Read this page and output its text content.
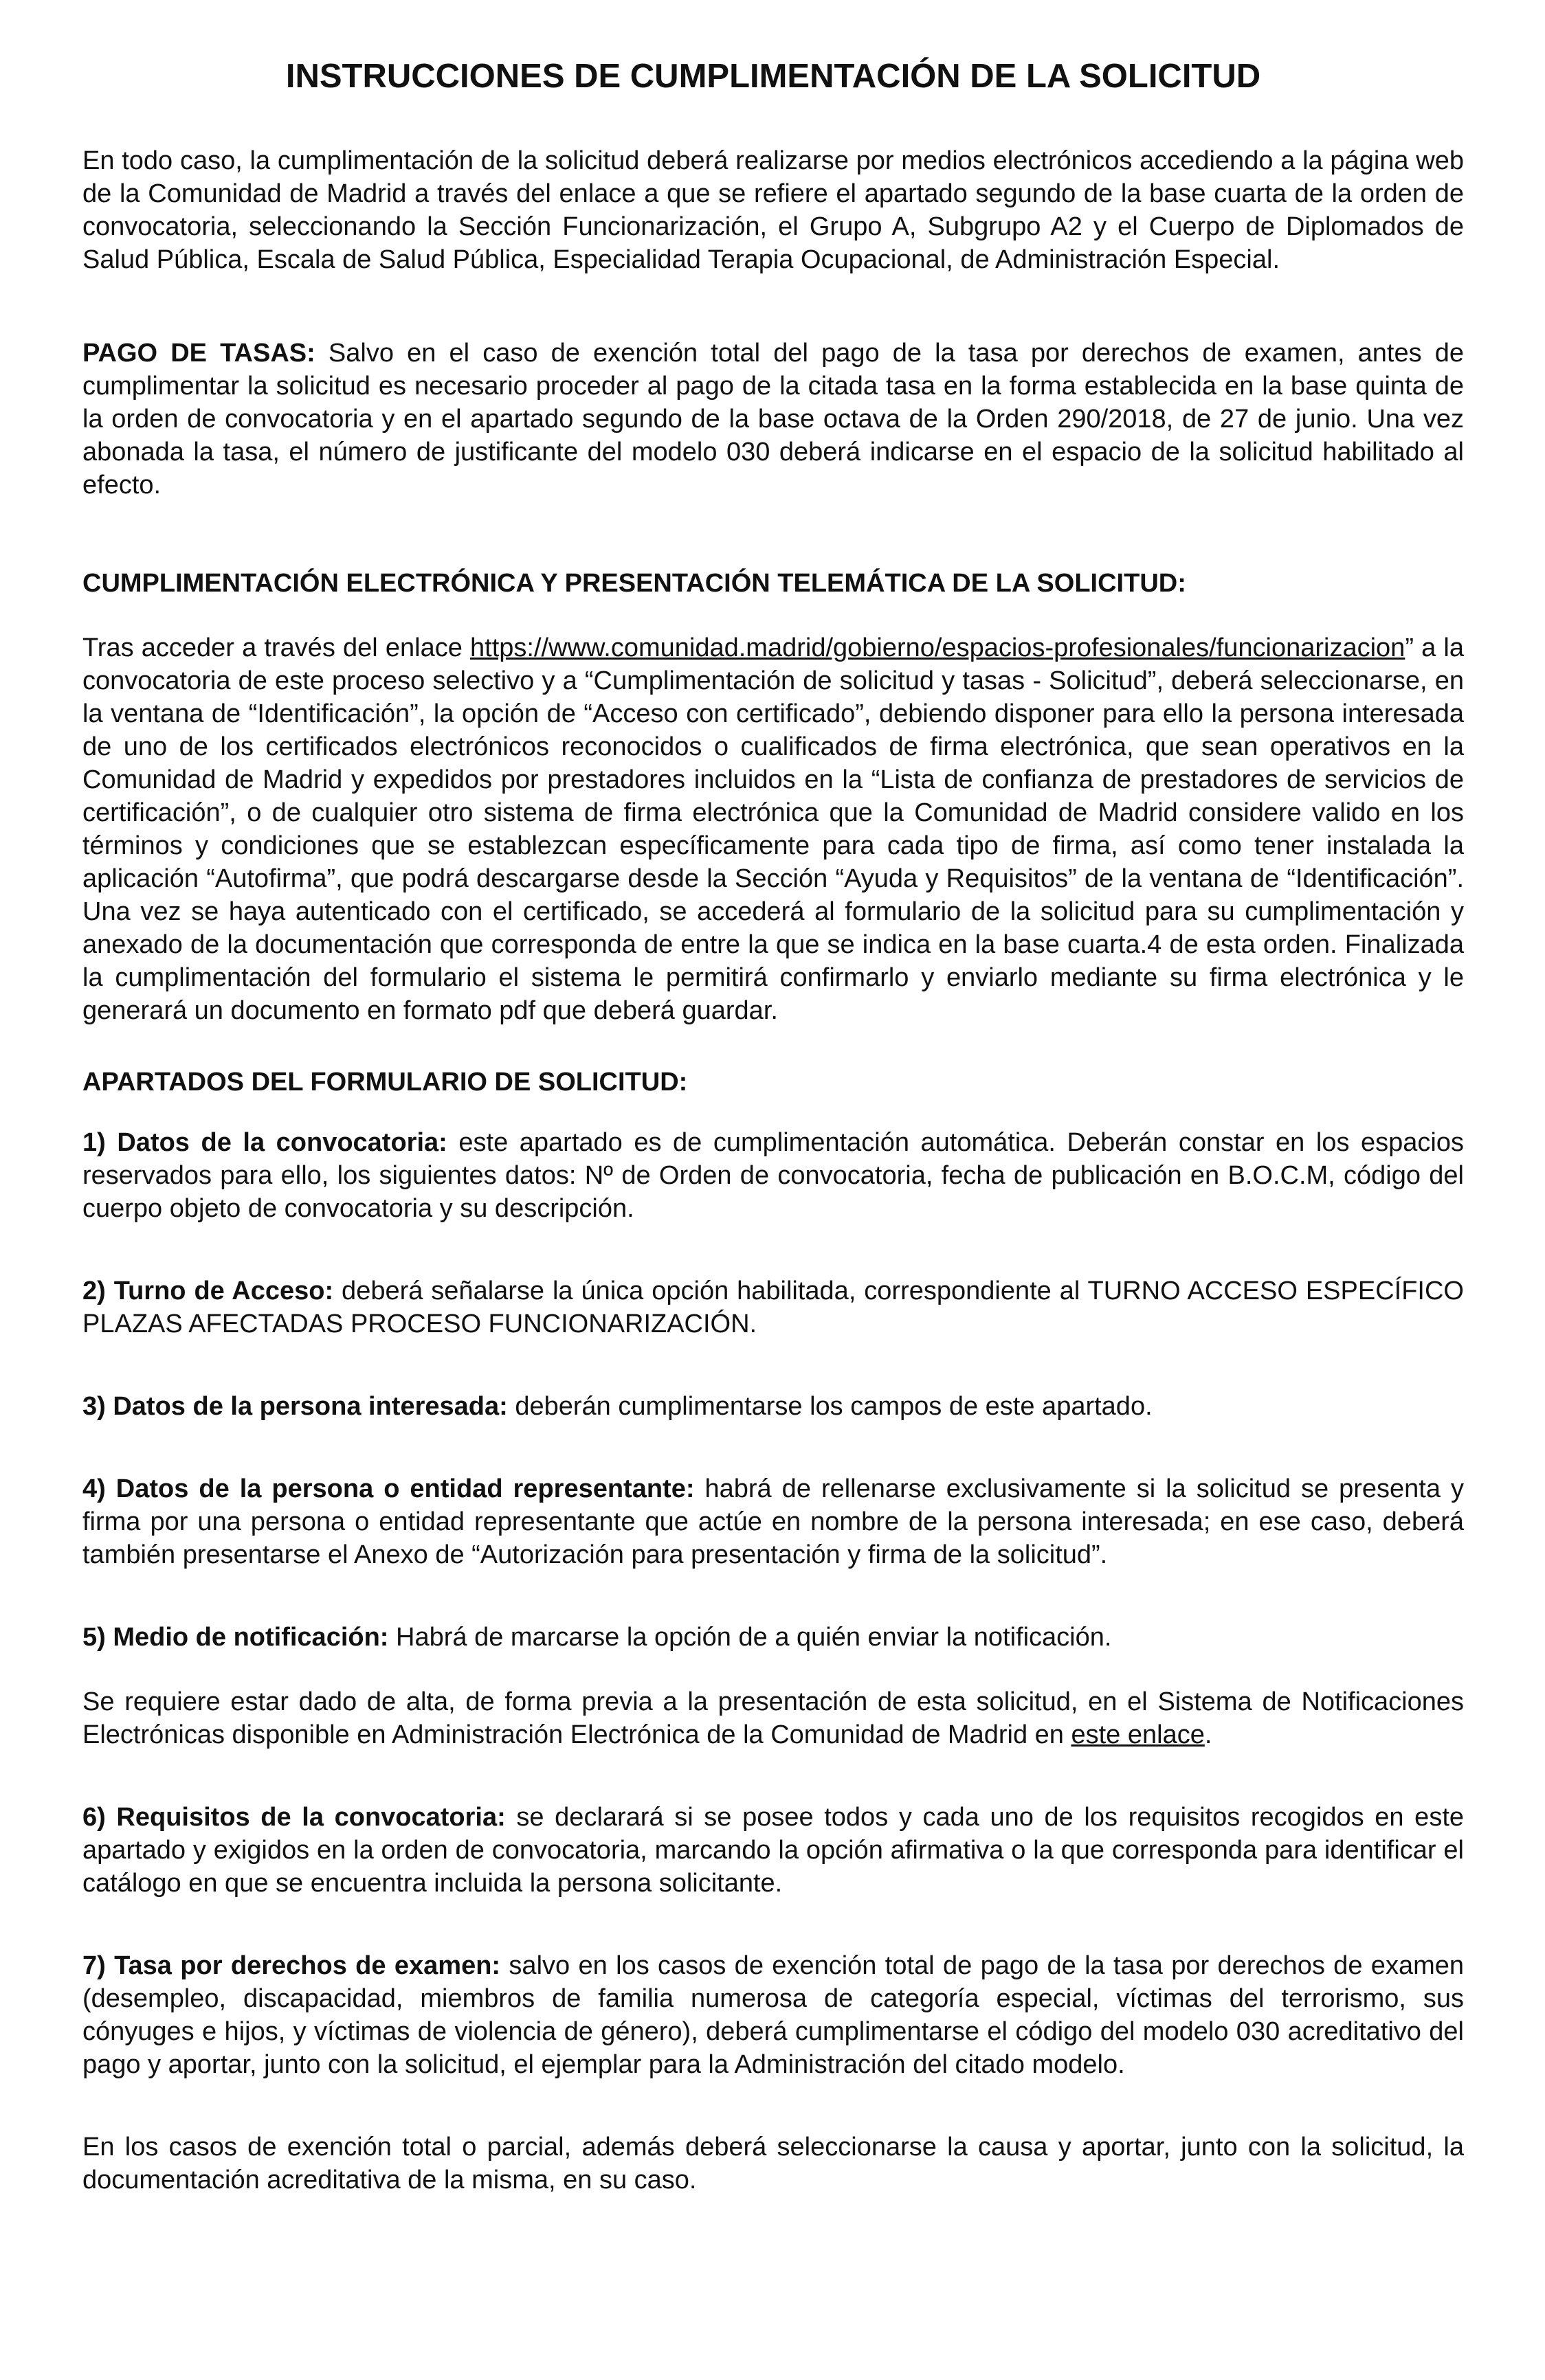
INSTRUCCIONES DE CUMPLIMENTACIÓN DE LA SOLICITUD

En todo caso, la cumplimentación de la solicitud deberá realizarse por medios electrónicos accediendo a la página web de la Comunidad de Madrid a través del enlace a que se refiere el apartado segundo de la base cuarta de la orden de convocatoria, seleccionando la Sección Funcionarización, el Grupo A, Subgrupo A2 y el Cuerpo de Diplomados de Salud Pública, Escala de Salud Pública, Especialidad Terapia Ocupacional, de Administración Especial.

PAGO DE TASAS: Salvo en el caso de exención total del pago de la tasa por derechos de examen, antes de cumplimentar la solicitud es necesario proceder al pago de la citada tasa en la forma establecida en la base quinta de la orden de convocatoria y en el apartado segundo de la base octava de la Orden 290/2018, de 27 de junio. Una vez abonada la tasa, el número de justificante del modelo 030 deberá indicarse en el espacio de la solicitud habilitado al efecto.

CUMPLIMENTACIÓN ELECTRÓNICA Y PRESENTACIÓN TELEMÁTICA DE LA SOLICITUD:

Tras acceder a través del enlace https://www.comunidad.madrid/gobierno/espacios-profesionales/funcionarizacion” a la convocatoria de este proceso selectivo y a “Cumplimentación de solicitud y tasas - Solicitud”, deberá seleccionarse, en la ventana de “Identificación”, la opción de “Acceso con certificado”, debiendo disponer para ello la persona interesada de uno de los certificados electrónicos reconocidos o cualificados de firma electrónica, que sean operativos en la Comunidad de Madrid y expedidos por prestadores incluidos en la “Lista de confianza de prestadores de servicios de certificación”, o de cualquier otro sistema de firma electrónica que la Comunidad de Madrid considere valido en los términos y condiciones que se establezcan específicamente para cada tipo de firma, así como tener instalada la aplicación “Autofirma”, que podrá descargarse desde la Sección “Ayuda y Requisitos” de la ventana de “Identificación”. Una vez se haya autenticado con el certificado, se accederá al formulario de la solicitud para su cumplimentación y anexado de la documentación que corresponda de entre la que se indica en la base cuarta.4 de esta orden. Finalizada la cumplimentación del formulario el sistema le permitirá confirmarlo y enviarlo mediante su firma electrónica y le generará un documento en formato pdf que deberá guardar.

APARTADOS DEL FORMULARIO DE SOLICITUD:

1) Datos de la convocatoria: este apartado es de cumplimentación automática. Deberán constar en los espacios reservados para ello, los siguientes datos: Nº de Orden de convocatoria, fecha de publicación en B.O.C.M, código del cuerpo objeto de convocatoria y su descripción.

2) Turno de Acceso: deberá señalarse la única opción habilitada, correspondiente al TURNO ACCESO ESPECÍFICO PLAZAS AFECTADAS PROCESO FUNCIONARIZACIÓN.

3) Datos de la persona interesada: deberán cumplimentarse los campos de este apartado.

4) Datos de la persona o entidad representante: habrá de rellenarse exclusivamente si la solicitud se presenta y firma por una persona o entidad representante que actúe en nombre de la persona interesada; en ese caso, deberá también presentarse el Anexo de “Autorización para presentación y firma de la solicitud”.

5) Medio de notificación: Habrá de marcarse la opción de a quién enviar la notificación.

Se requiere estar dado de alta, de forma previa a la presentación de esta solicitud, en el Sistema de Notificaciones Electrónicas disponible en Administración Electrónica de la Comunidad de Madrid en este enlace.

6) Requisitos de la convocatoria: se declarará si se posee todos y cada uno de los requisitos recogidos en este apartado y exigidos en la orden de convocatoria, marcando la opción afirmativa o la que corresponda para identificar el catálogo en que se encuentra incluida la persona solicitante.

7) Tasa por derechos de examen: salvo en los casos de exención total de pago de la tasa por derechos de examen (desempleo, discapacidad, miembros de familia numerosa de categoría especial, víctimas del terrorismo, sus cónyuges e hijos, y víctimas de violencia de género), deberá cumplimentarse el código del modelo 030 acreditativo del pago y aportar, junto con la solicitud, el ejemplar para la Administración del citado modelo.

En los casos de exención total o parcial, además deberá seleccionarse la causa y aportar, junto con la solicitud, la documentación acreditativa de la misma, en su caso.
